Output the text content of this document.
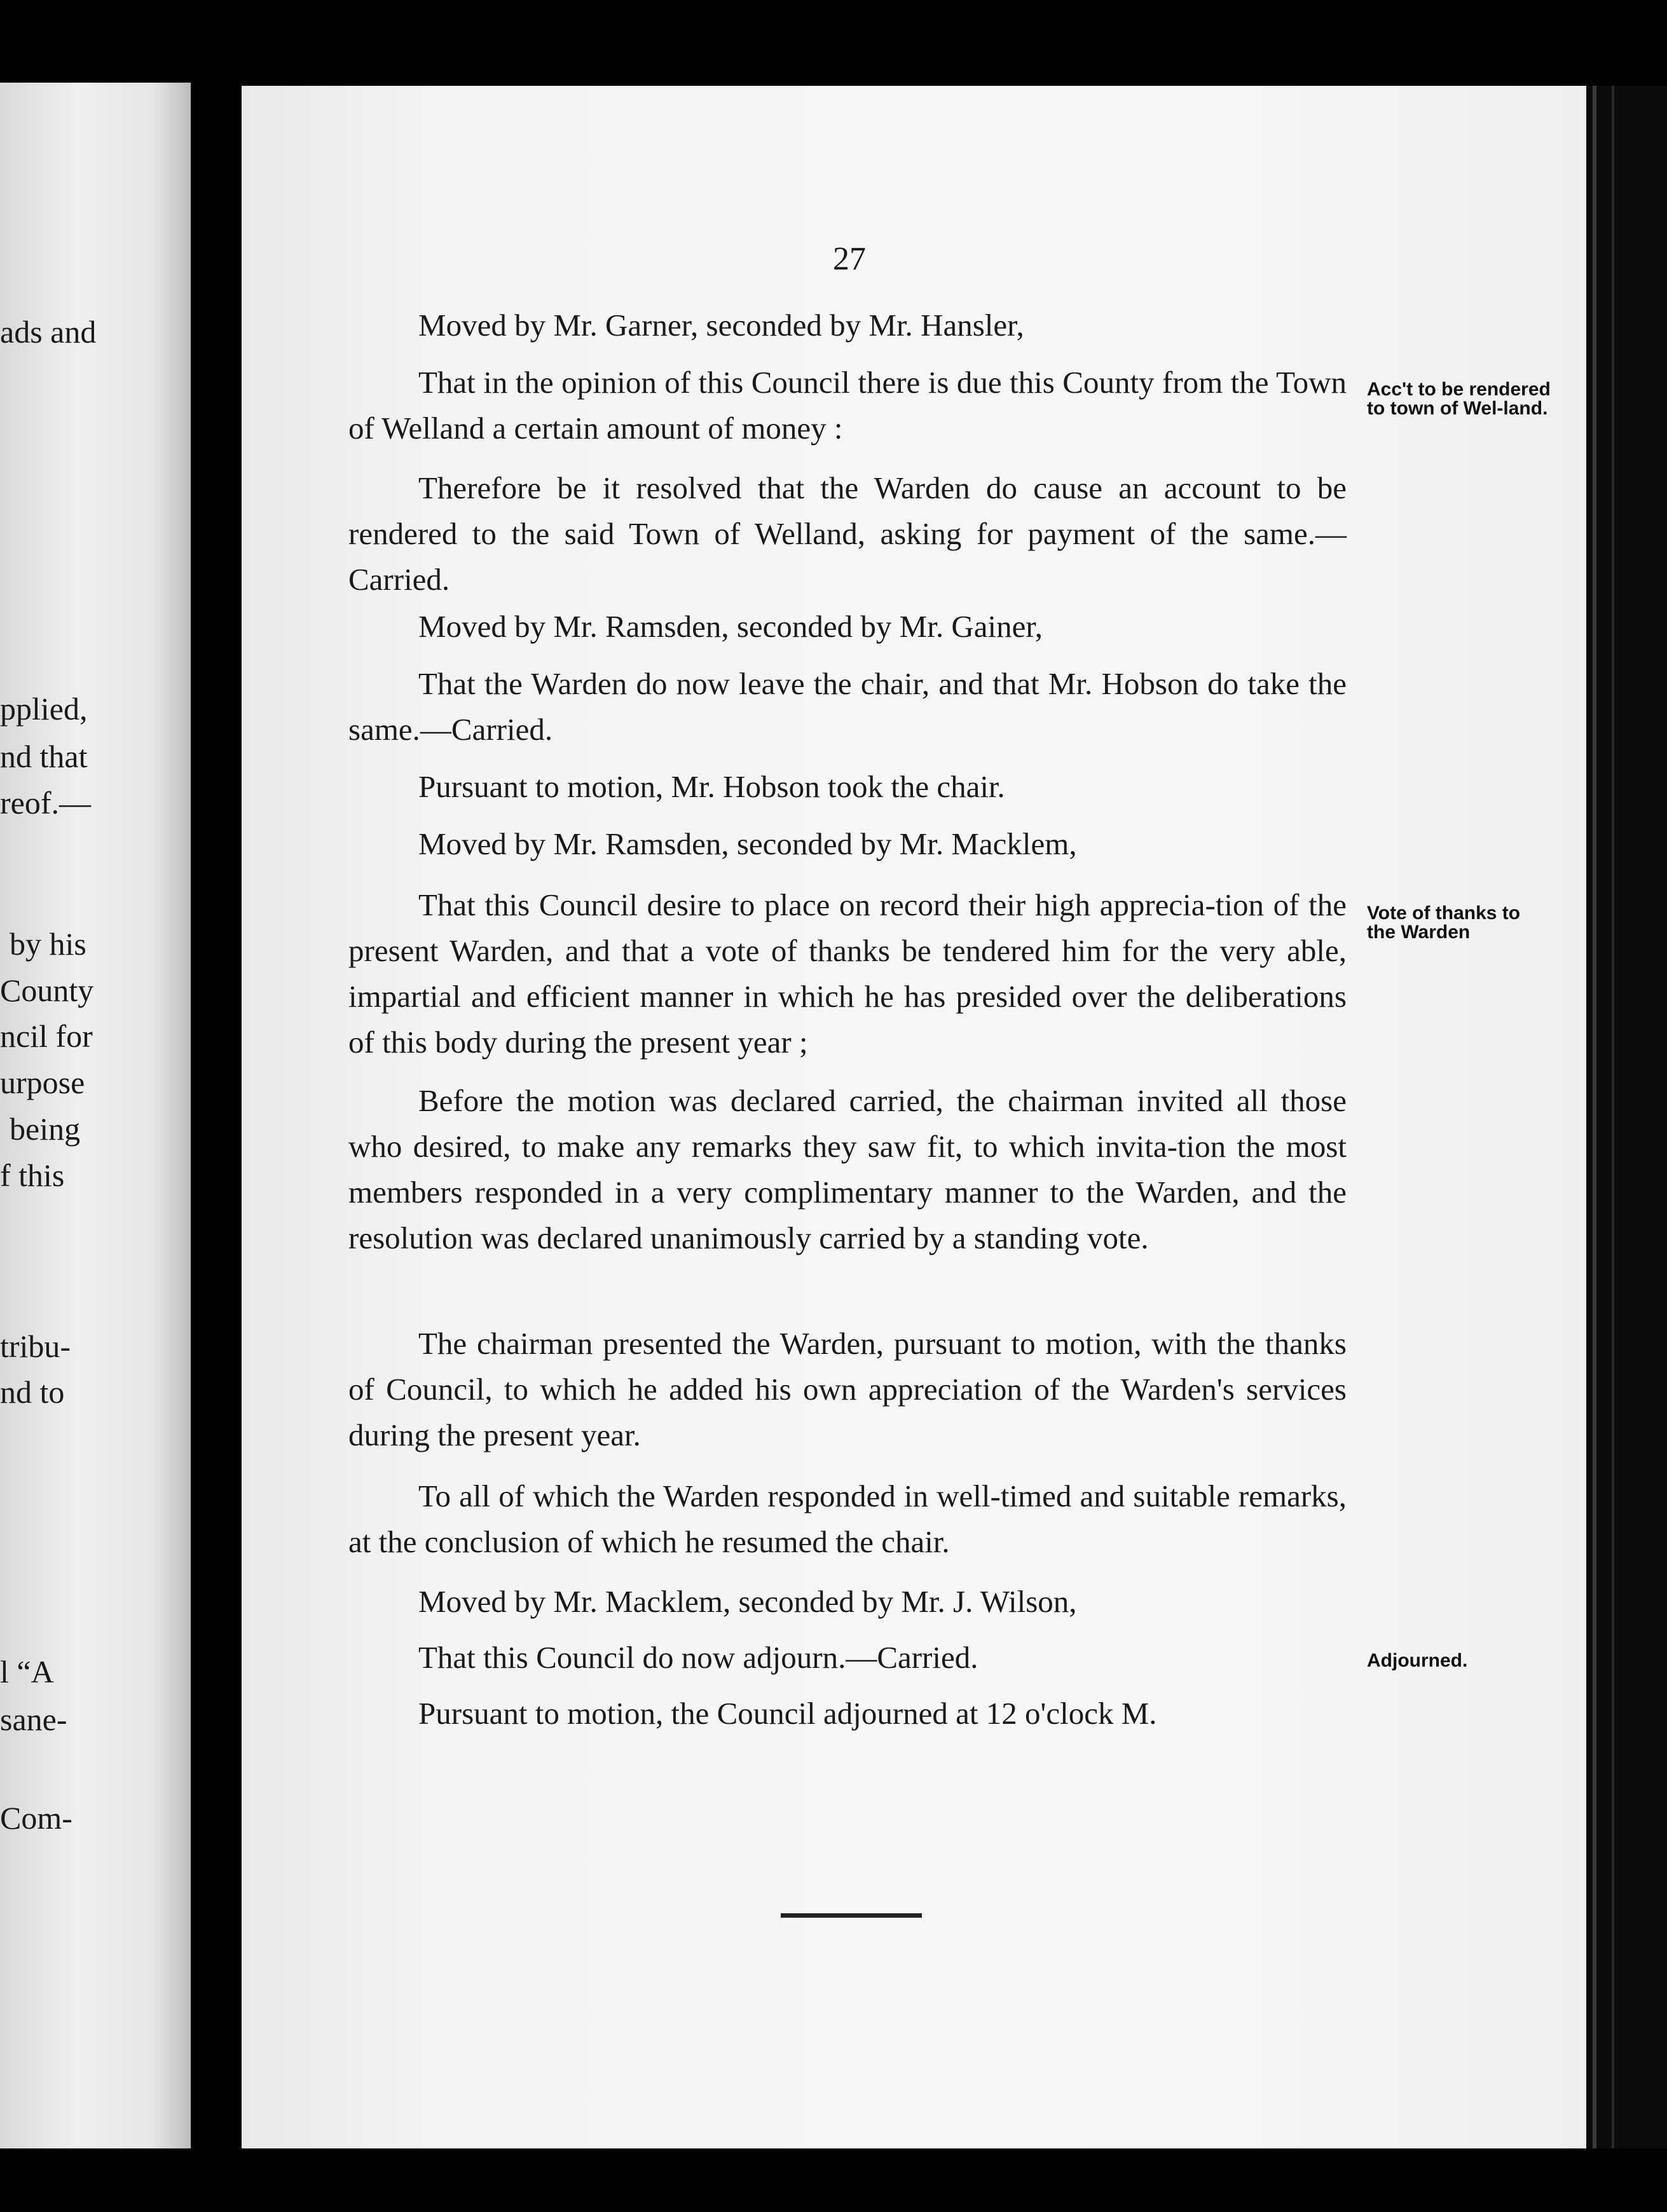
ads and
pplied,
nd that
reof.—
by his
County
ncil for
urpose
being
f this
tribu-
nd to
l “A
sane-
Com-
27
Moved by Mr. Garner, seconded by Mr. Hansler,
That in the opinion of this Council there is due this County from the Town of Welland a certain amount of money :
Therefore be it resolved that the Warden do cause an account to be rendered to the said Town of Welland, asking for payment of the same.—Carried.
Moved by Mr. Ramsden, seconded by Mr. Gainer,
That the Warden do now leave the chair, and that Mr. Hobson do take the same.—Carried.
Pursuant to motion, Mr. Hobson took the chair.
Moved by Mr. Ramsden, seconded by Mr. Macklem,
That this Council desire to place on record their high apprecia-tion of the present Warden, and that a vote of thanks be tendered him for the very able, impartial and efficient manner in which he has presided over the deliberations of this body during the present year ;
Before the motion was declared carried, the chairman invited all those who desired, to make any remarks they saw fit, to which invita-tion the most members responded in a very complimentary manner to the Warden, and the resolution was declared unanimously carried by a standing vote.
The chairman presented the Warden, pursuant to motion, with the thanks of Council, to which he added his own appreciation of the Warden's services during the present year.
To all of which the Warden responded in well-timed and suitable remarks, at the conclusion of which he resumed the chair.
Moved by Mr. Macklem, seconded by Mr. J. Wilson,
That this Council do now adjourn.—Carried.
Pursuant to motion, the Council adjourned at 12 o'clock M.
Acc't to be rendered to town of Wel-land.
Vote of thanks to the Warden
Adjourned.
